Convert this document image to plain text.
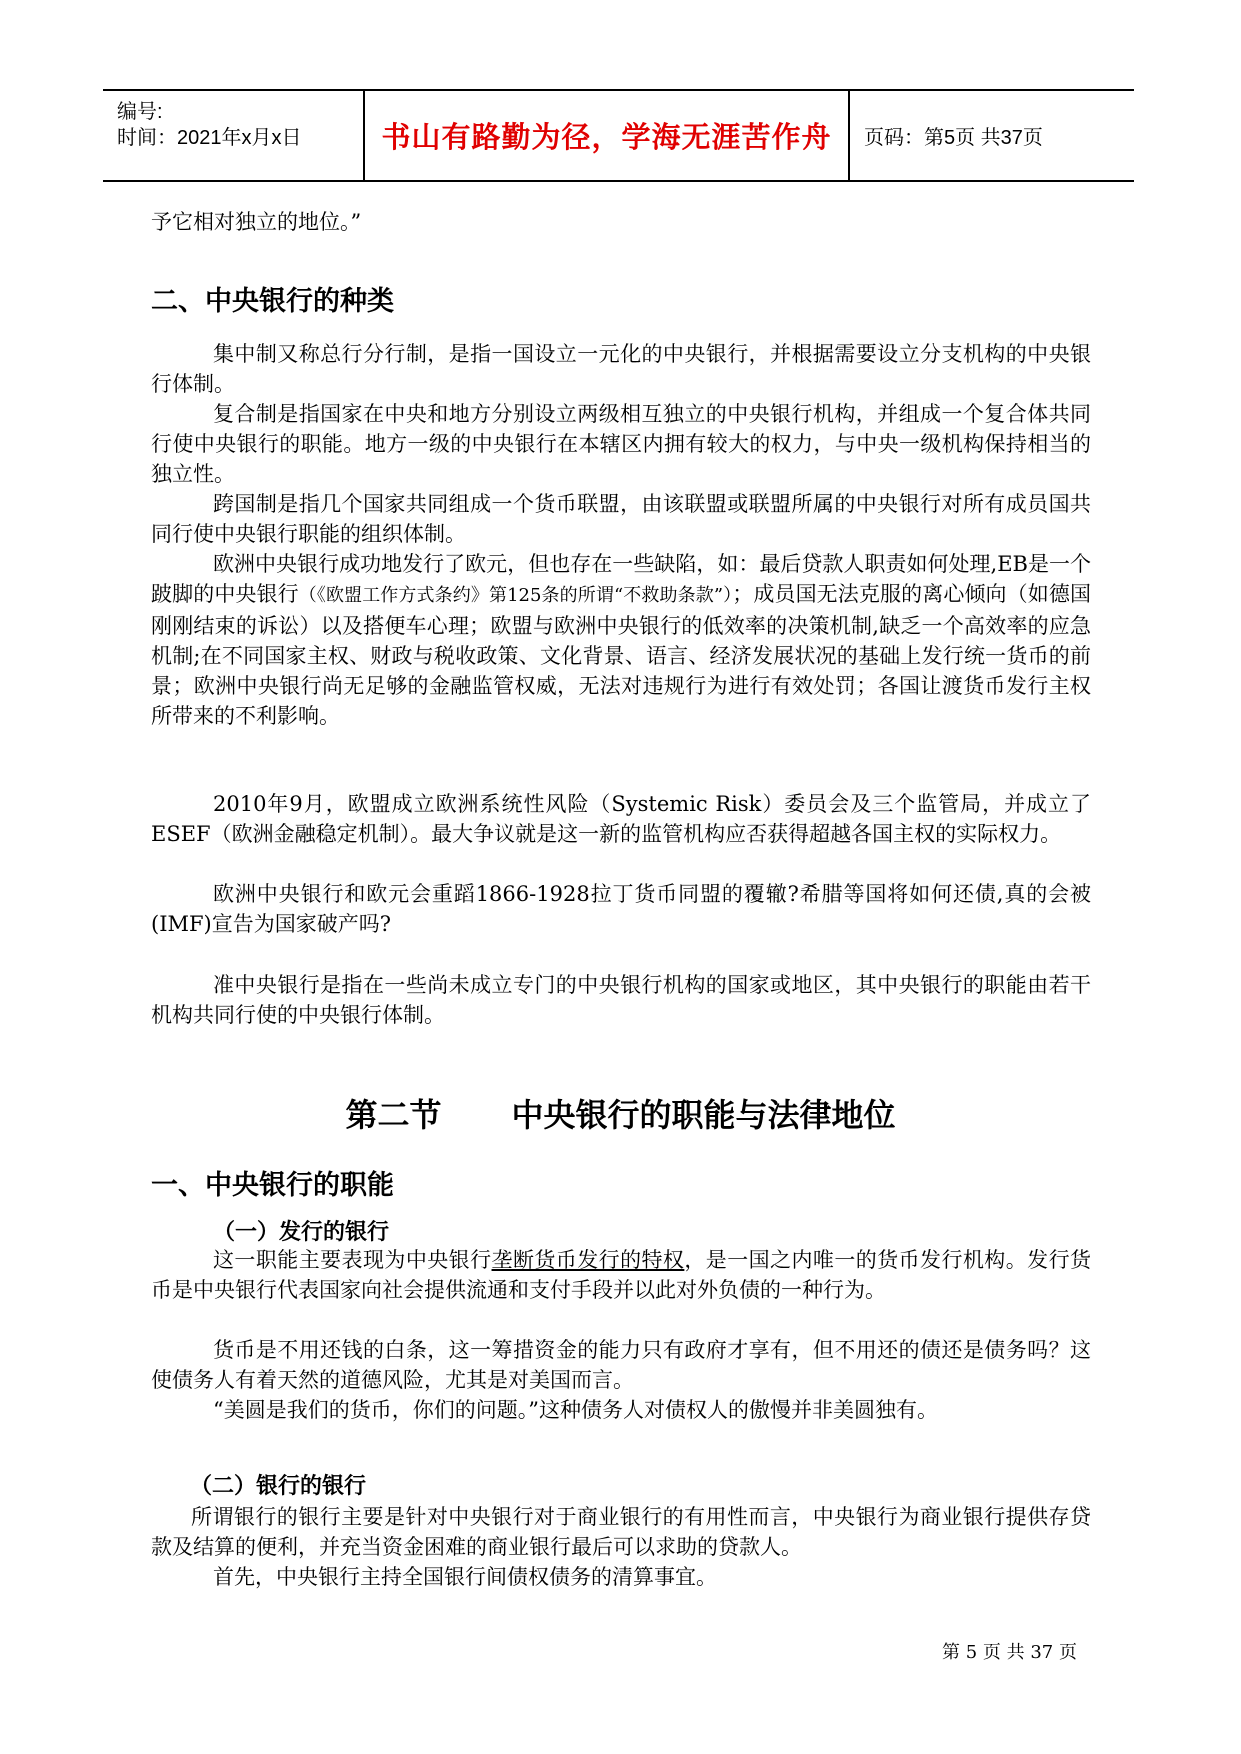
编号:
时间：2021年x月x日	书山有路勤为径，学海无涯苦作舟	页码：第5页 共37页
予它相对独立的地位。”
二、中央银行的种类
集中制又称总行分行制，是指一国设立一元化的中央银行，并根据需要设立分支机构的中央银行体制。
复合制是指国家在中央和地方分别设立两级相互独立的中央银行机构，并组成一个复合体共同行使中央银行的职能。地方一级的中央银行在本辖区内拥有较大的权力，与中央一级机构保持相当的独立性。
跨国制是指几个国家共同组成一个货币联盟，由该联盟或联盟所属的中央银行对所有成员国共同行使中央银行职能的组织体制。
欧洲中央银行成功地发行了欧元，但也存在一些缺陷，如：最后贷款人职责如何处理,EB是一个跛脚的中央银行（《欧盟工作方式条约》第125条的所谓“不救助条款”）；成员国无法克服的离心倾向（如德国刚刚结束的诉讼）以及搭便车心理；欧盟与欧洲中央银行的低效率的决策机制,缺乏一个高效率的应急机制;在不同国家主权、财政与税收政策、文化背景、语言、经济发展状况的基础上发行统一货币的前景；欧洲中央银行尚无足够的金融监管权威，无法对违规行为进行有效处罚；各国让渡货币发行主权所带来的不利影响。
2010年9月，欧盟成立欧洲系统性风险（Systemic Risk）委员会及三个监管局，并成立了ESEF（欧洲金融稳定机制）。最大争议就是这一新的监管机构应否获得超越各国主权的实际权力。
欧洲中央银行和欧元会重蹈1866-1928拉丁货币同盟的覆辙?希腊等国将如何还债,真的会被(IMF)宣告为国家破产吗?
准中央银行是指在一些尚未成立专门的中央银行机构的国家或地区，其中央银行的职能由若干机构共同行使的中央银行体制。
第二节 中央银行的职能与法律地位
一、中央银行的职能
（一）发行的银行
这一职能主要表现为中央银行垄断货币发行的特权，是一国之内唯一的货币发行机构。发行货币是中央银行代表国家向社会提供流通和支付手段并以此对外负债的一种行为。
货币是不用还钱的白条，这一筹措资金的能力只有政府才享有，但不用还的债还是债务吗？这使债务人有着天然的道德风险，尤其是对美国而言。
“美圆是我们的货币，你们的问题。”这种债务人对债权人的傲慢并非美圆独有。
（二）银行的银行
所谓银行的银行主要是针对中央银行对于商业银行的有用性而言，中央银行为商业银行提供存贷款及结算的便利，并充当资金困难的商业银行最后可以求助的贷款人。
首先，中央银行主持全国银行间债权债务的清算事宜。
第 5 页 共 37 页
